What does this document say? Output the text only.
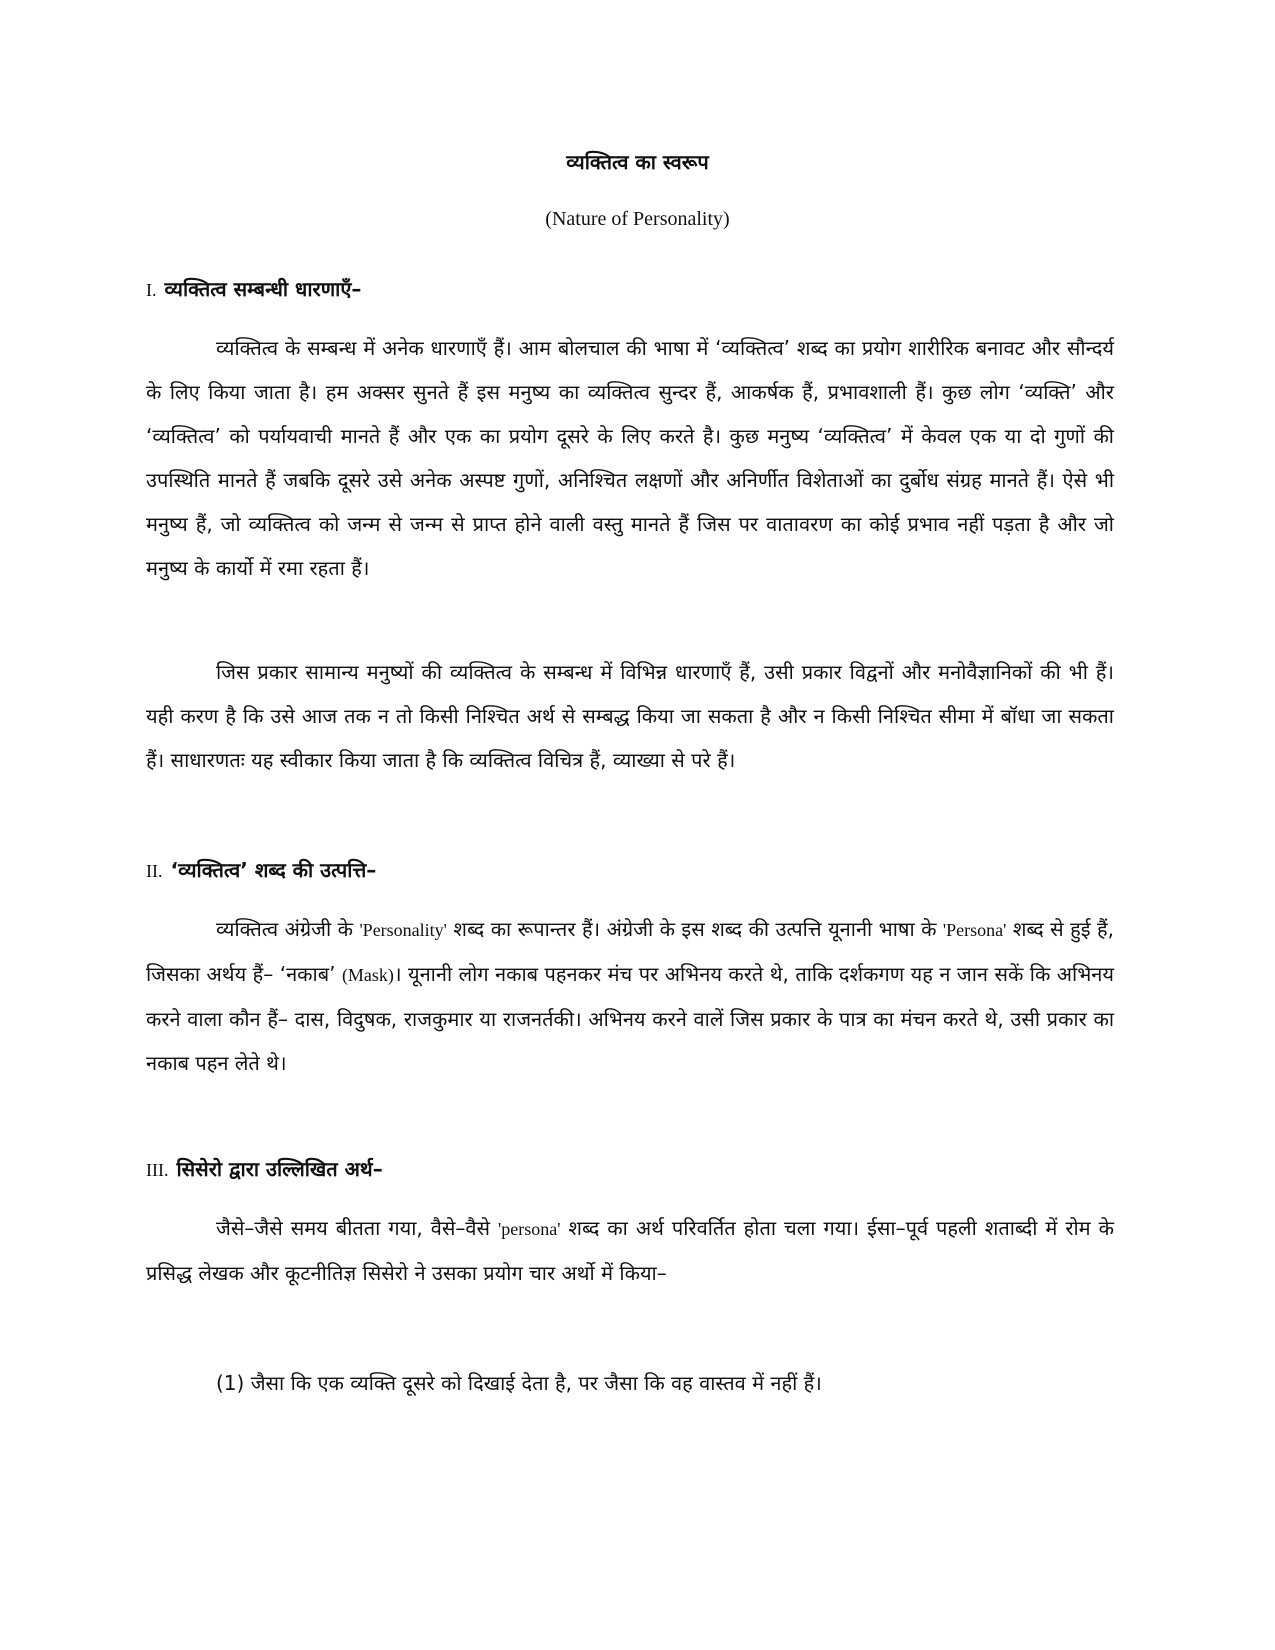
व्यक्तित्व का स्वरूप

(Nature of Personality)

I. व्यक्तित्व सम्बन्धी धारणाएँ–

व्यक्तित्व के सम्बन्ध में अनेक धारणाएँ हैं। आम बोलचाल की भाषा में ‘व्यक्तित्व’ शब्द का प्रयोग शारीरिक बनावट और सौन्दर्य के लिए किया जाता है। हम अक्सर सुनते हैं इस मनुष्य का व्यक्तित्व सुन्दर हैं, आकर्षक हैं, प्रभावशाली हैं। कुछ लोग ‘व्यक्ति’ और ‘व्यक्तित्व’ को पर्यायवाची मानते हैं और एक का प्रयोग दूसरे के लिए करते है। कुछ मनुष्य ‘व्यक्तित्व’ में केवल एक या दो गुणों की उपस्थिति मानते हैं जबकि दूसरे उसे अनेक अस्पष्ट गुणों, अनिश्चित लक्षणों और अनिर्णीत विशेताओं का दुर्बोध संग्रह मानते हैं। ऐसे भी मनुष्य हैं, जो व्यक्तित्व को जन्म से जन्म से प्राप्त होने वाली वस्तु मानते हैं जिस पर वातावरण का कोई प्रभाव नहीं पड़ता है और जो मनुष्य के कार्यो में रमा रहता हैं।

जिस प्रकार सामान्य मनुष्यों की व्यक्तित्व के सम्बन्ध में विभिन्न धारणाएँ हैं, उसी प्रकार विद्वनों और मनोवैज्ञानिकों की भी हैं। यही करण है कि उसे आज तक न तो किसी निश्चित अर्थ से सम्बद्ध किया जा सकता है और न किसी निश्चित सीमा में बॉधा जा सकता हैं। साधारणतः यह स्वीकार किया जाता है कि व्यक्तित्व विचित्र हैं, व्याख्या से परे हैं।

II. ‘व्यक्तित्व’ शब्द की उत्पत्ति–

व्यक्तित्व अंग्रेजी के 'Personality' शब्द का रूपान्तर हैं। अंग्रेजी के इस शब्द की उत्पत्ति यूनानी भाषा के 'Persona' शब्द से हुई हैं, जिसका अर्थय हैं– ‘नकाब’ (Mask)। यूनानी लोग नकाब पहनकर मंच पर अभिनय करते थे, ताकि दर्शकगण यह न जान सकें कि अभिनय करने वाला कौन हैं– दास, विदुषक, राजकुमार या राजनर्तकी। अभिनय करने वालें जिस प्रकार के पात्र का मंचन करते थे, उसी प्रकार का नकाब पहन लेते थे।

III. सिसेरो द्वारा उल्लिखित अर्थ–

जैसे–जैसे समय बीतता गया, वैसे–वैसे 'persona' शब्द का अर्थ परिवर्तित होता चला गया। ईसा–पूर्व पहली शताब्दी में रोम के प्रसिद्ध लेखक और कूटनीतिज्ञ सिसेरो ने उसका प्रयोग चार अर्थो में किया–

(1) जैसा कि एक व्यक्ति दूसरे को दिखाई देता है, पर जैसा कि वह वास्तव में नहीं हैं।
